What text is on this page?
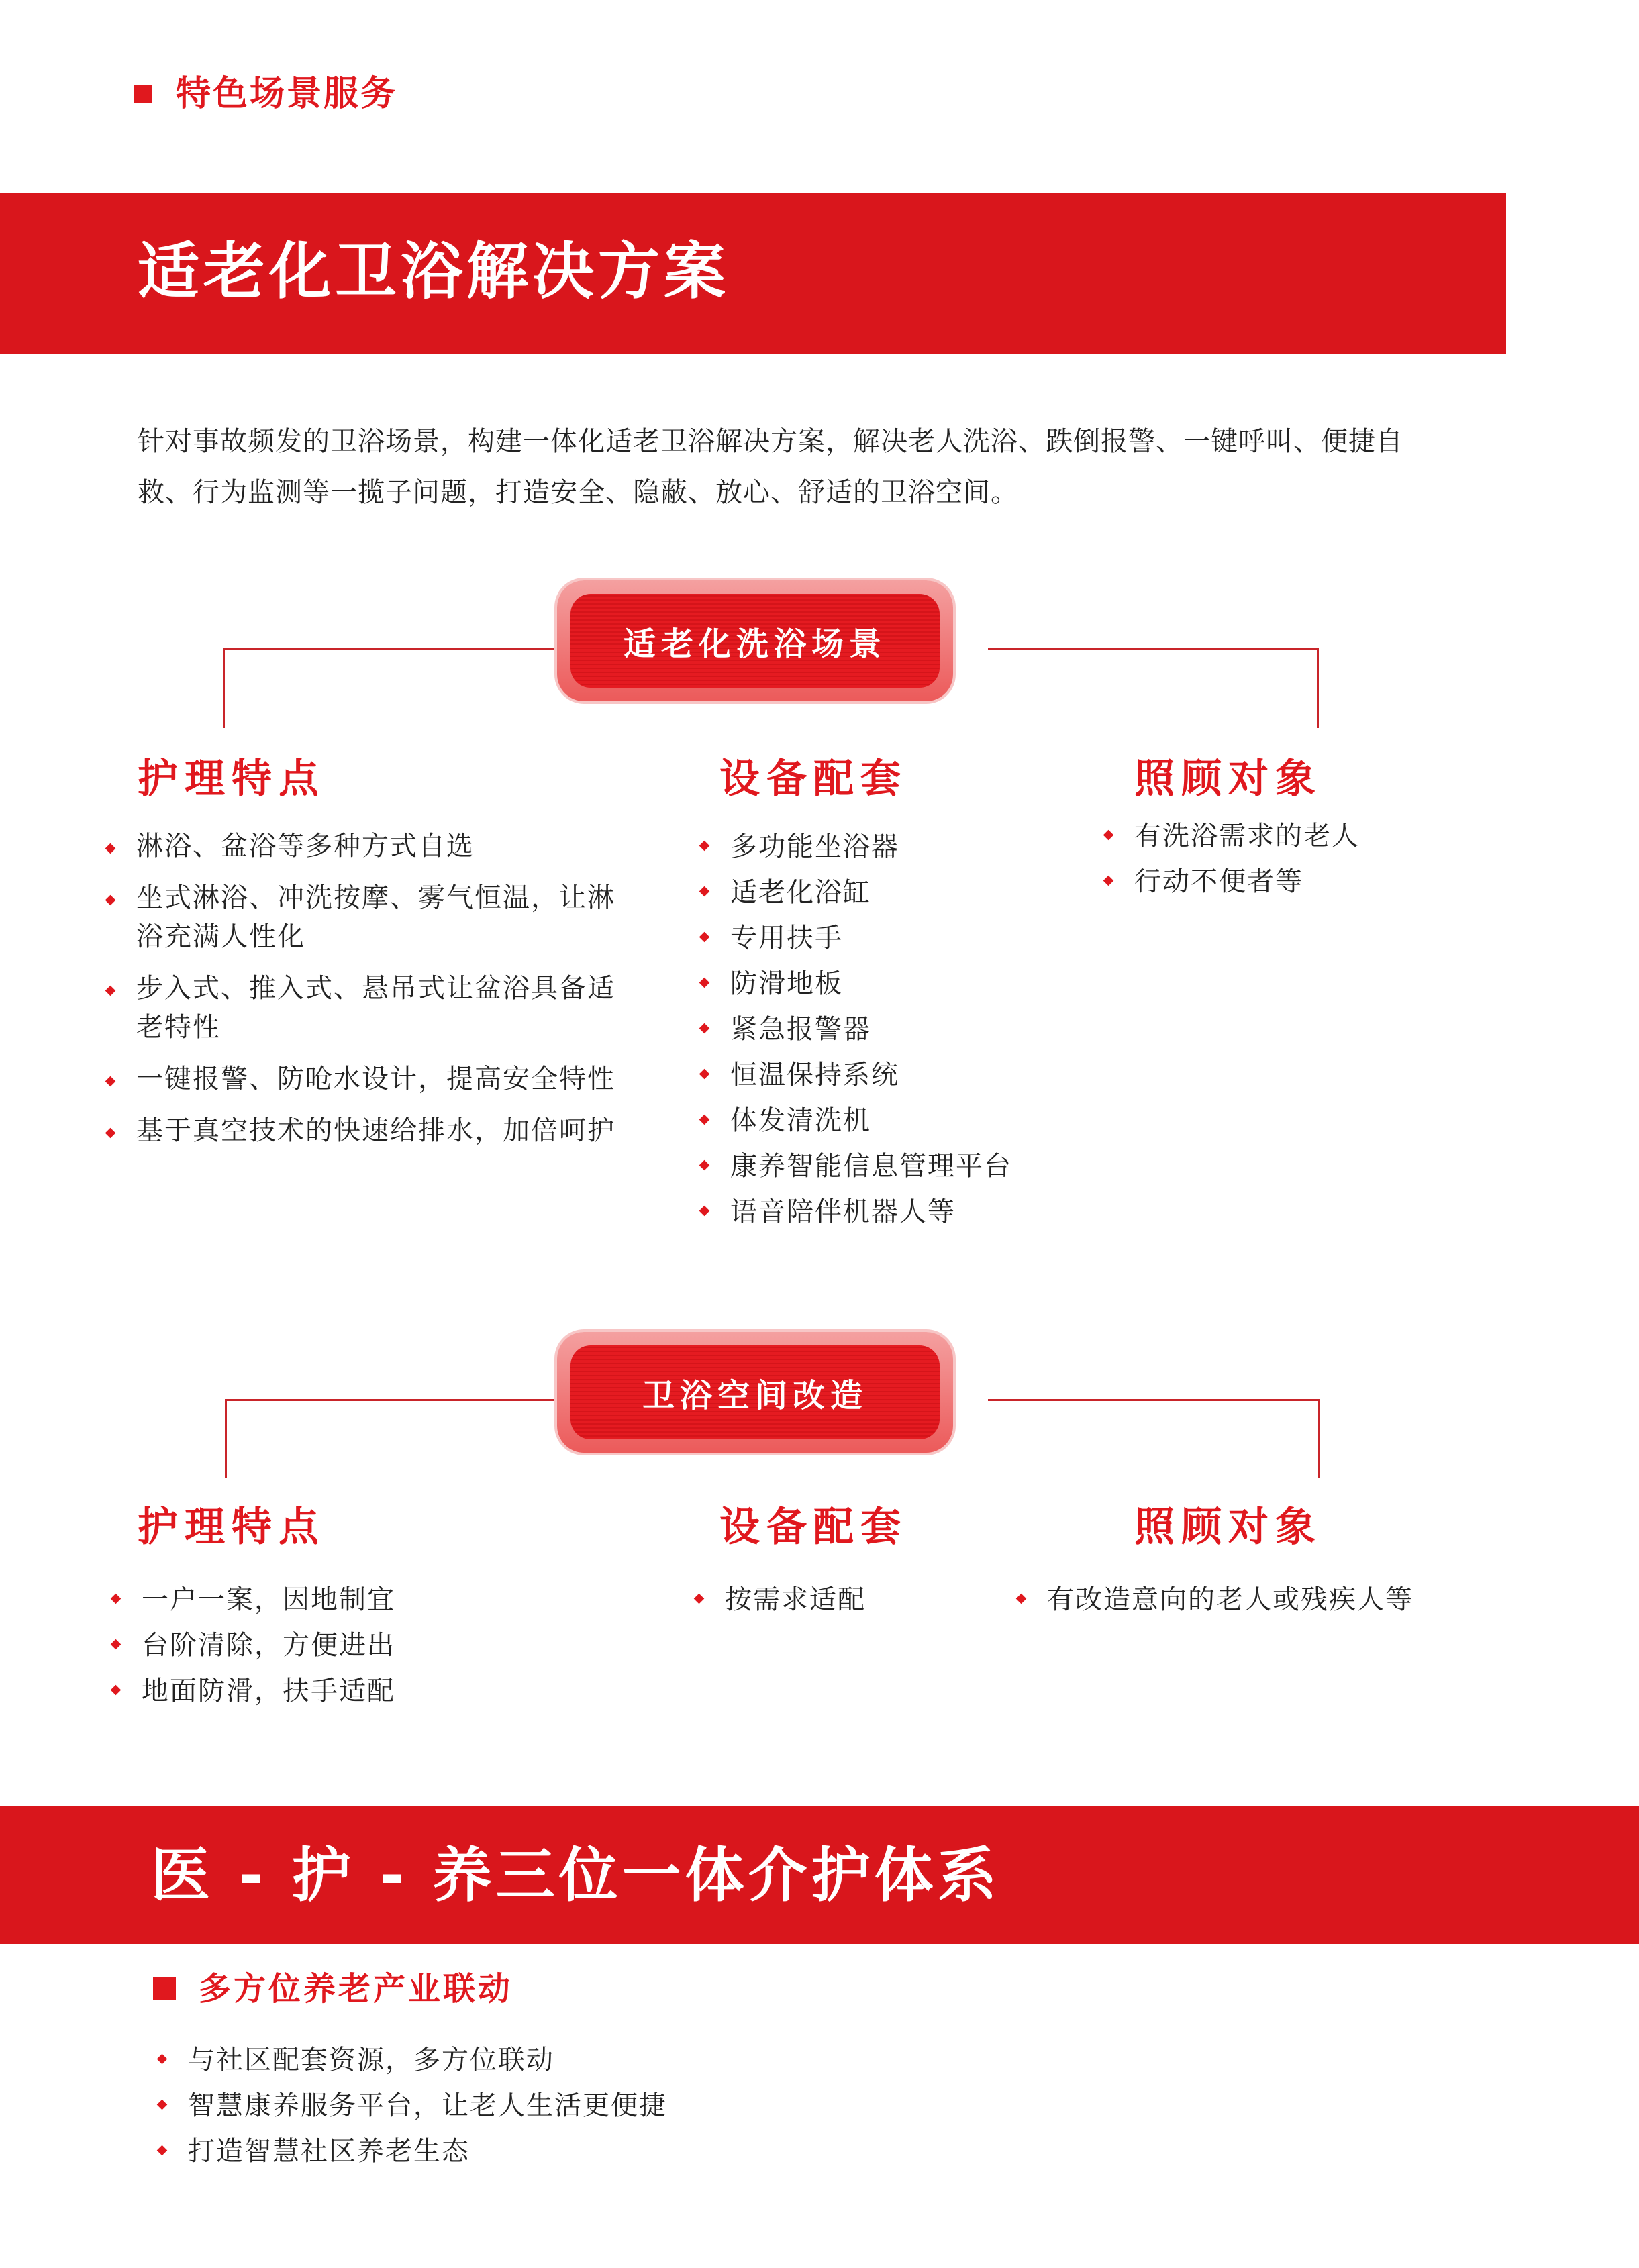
特色场景服务
适老化卫浴解决方案
针对事故频发的卫浴场景，构建一体化适老卫浴解决方案，解决老人洗浴、跌倒报警、一键呼叫、便捷自救、行为监测等一揽子问题，打造安全、隐蔽、放心、舒适的卫浴空间。
适老化洗浴场景
护理特点
淋浴、盆浴等多种方式自选
坐式淋浴、冲洗按摩、雾气恒温，让淋浴充满人性化
步入式、推入式、悬吊式让盆浴具备适老特性
一键报警、防呛水设计，提高安全特性
基于真空技术的快速给排水，加倍呵护
设备配套
多功能坐浴器
适老化浴缸
专用扶手
防滑地板
紧急报警器
恒温保持系统
体发清洗机
康养智能信息管理平台
语音陪伴机器人等
照顾对象
有洗浴需求的老人
行动不便者等
卫浴空间改造
护理特点
一户一案，因地制宜
台阶清除，方便进出
地面防滑，扶手适配
设备配套
按需求适配
照顾对象
有改造意向的老人或残疾人等
医 - 护 - 养三位一体介护体系
多方位养老产业联动
与社区配套资源，多方位联动
智慧康养服务平台，让老人生活更便捷
打造智慧社区养老生态
